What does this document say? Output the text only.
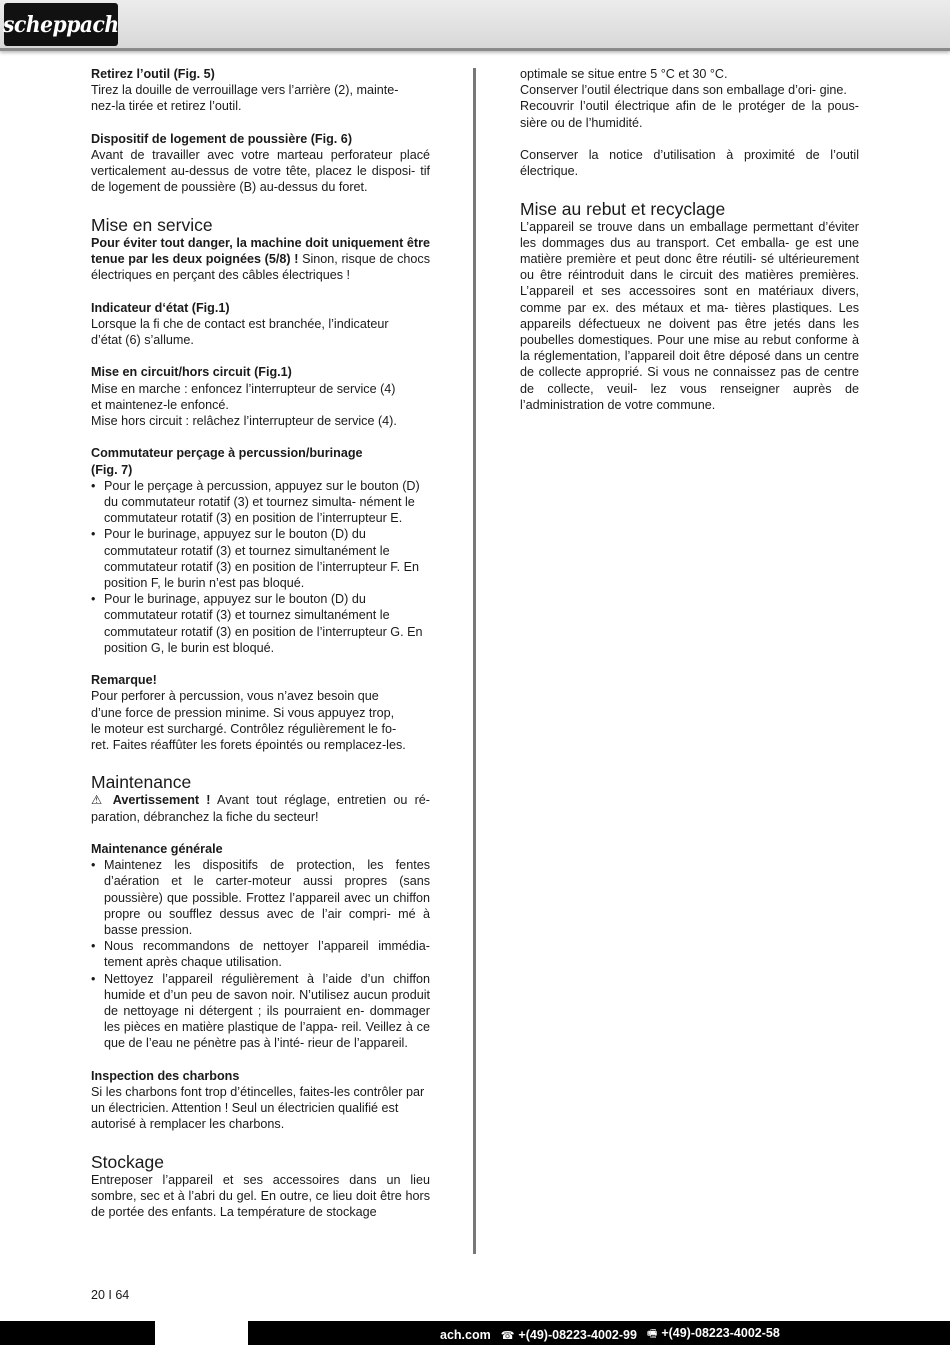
scheppach

Retirez l’outil (Fig. 5)

Tirez la douille de verrouillage vers l’arrière (2), mainte-

nez-la tirée et retirez l’outil.

Dispositif de logement de poussière (Fig. 6)

Avant de travailler avec votre marteau perforateur placé verticalement au-dessus de votre tête, placez le disposi- tif de logement de poussière (B) au-dessus du foret.

Mise en service

Pour éviter tout danger, la machine doit uniquement être tenue par les deux poignées (5/8) ! Sinon, risque de chocs électriques en perçant des câbles électriques !

Indicateur d‘état (Fig.1)

Lorsque la fi che de contact est branchée, l’indicateur

d’état (6) s’allume.

Mise en circuit/hors circuit (Fig.1)

Mise en marche : enfoncez l’interrupteur de service (4)

et maintenez-le enfoncé.

Mise hors circuit : relâchez l’interrupteur de service (4).

Commutateur perçage à percussion/burinage

(Fig. 7)

• Pour le perçage à percussion, appuyez sur le bouton (D) du commutateur rotatif (3) et tournez simulta- nément le commutateur rotatif (3) en position de l’interrupteur E.
• Pour le burinage, appuyez sur le bouton (D) du commutateur rotatif (3) et tournez simultanément le commutateur rotatif (3) en position de l’interrupteur F. En position F, le burin n’est pas bloqué.
• Pour le burinage, appuyez sur le bouton (D) du commutateur rotatif (3) et tournez simultanément le commutateur rotatif (3) en position de l’interrupteur G. En position G, le burin est bloqué.

Remarque!

Pour perforer à percussion, vous n’avez besoin que

d’une force de pression minime. Si vous appuyez trop,

le moteur est surchargé. Contrôlez régulièrement le fo-

ret. Faites réaffûter les forets épointés ou remplacez-les.

Maintenance

⚠ Avertissement ! Avant tout réglage, entretien ou ré- paration, débranchez la fiche du secteur!

Maintenance générale

• Maintenez les dispositifs de protection, les fentes d’aération et le carter-moteur aussi propres (sans poussière) que possible. Frottez l’appareil avec un chiffon propre ou soufflez dessus avec de l’air compri- mé à basse pression.
• Nous recommandons de nettoyer l’appareil immédia- tement après chaque utilisation.
• Nettoyez l’appareil régulièrement à l’aide d’un chiffon humide et d’un peu de savon noir. N’utilisez aucun produit de nettoyage ni détergent ; ils pourraient en- dommager les pièces en matière plastique de l’appa- reil. Veillez à ce que de l’eau ne pénètre pas à l’inté- rieur de l’appareil.

Inspection des charbons

Si les charbons font trop d’étincelles, faites-les contrôler par un électricien. Attention ! Seul un électricien qualifié est autorisé à remplacer les charbons.

Stockage

Entreposer l’appareil et ses accessoires dans un lieu sombre, sec et à l’abri du gel. En outre, ce lieu doit être hors de portée des enfants. La température de stockage

optimale se situe entre 5 °C et 30 °C.

Conserver l’outil électrique dans son emballage d’ori- gine.

Recouvrir l’outil électrique afin de le protéger de la pous- sière ou de l’humidité.

Conserver la notice d’utilisation à proximité de l’outil électrique.

Mise au rebut et recyclage

L’appareil se trouve dans un emballage permettant d’éviter les dommages dus au transport. Cet emballa- ge est une matière première et peut donc être réutili- sé ultérieurement ou être réintroduit dans le circuit des matières premières. L’appareil et ses accessoires sont en matériaux divers, comme par ex. des métaux et ma- tières plastiques. Les appareils défectueux ne doivent pas être jetés dans les poubelles domestiques. Pour une mise au rebut conforme à la réglementation, l’appareil doit être déposé dans un centre de collecte approprié. Si vous ne connaissez pas de centre de collecte, veuil- lez vous renseigner auprès de l’administration de votre commune.

20 I 64
ach.com ☎ +(49)-08223-4002-99 🖷 +(49)-08223-4002-58
